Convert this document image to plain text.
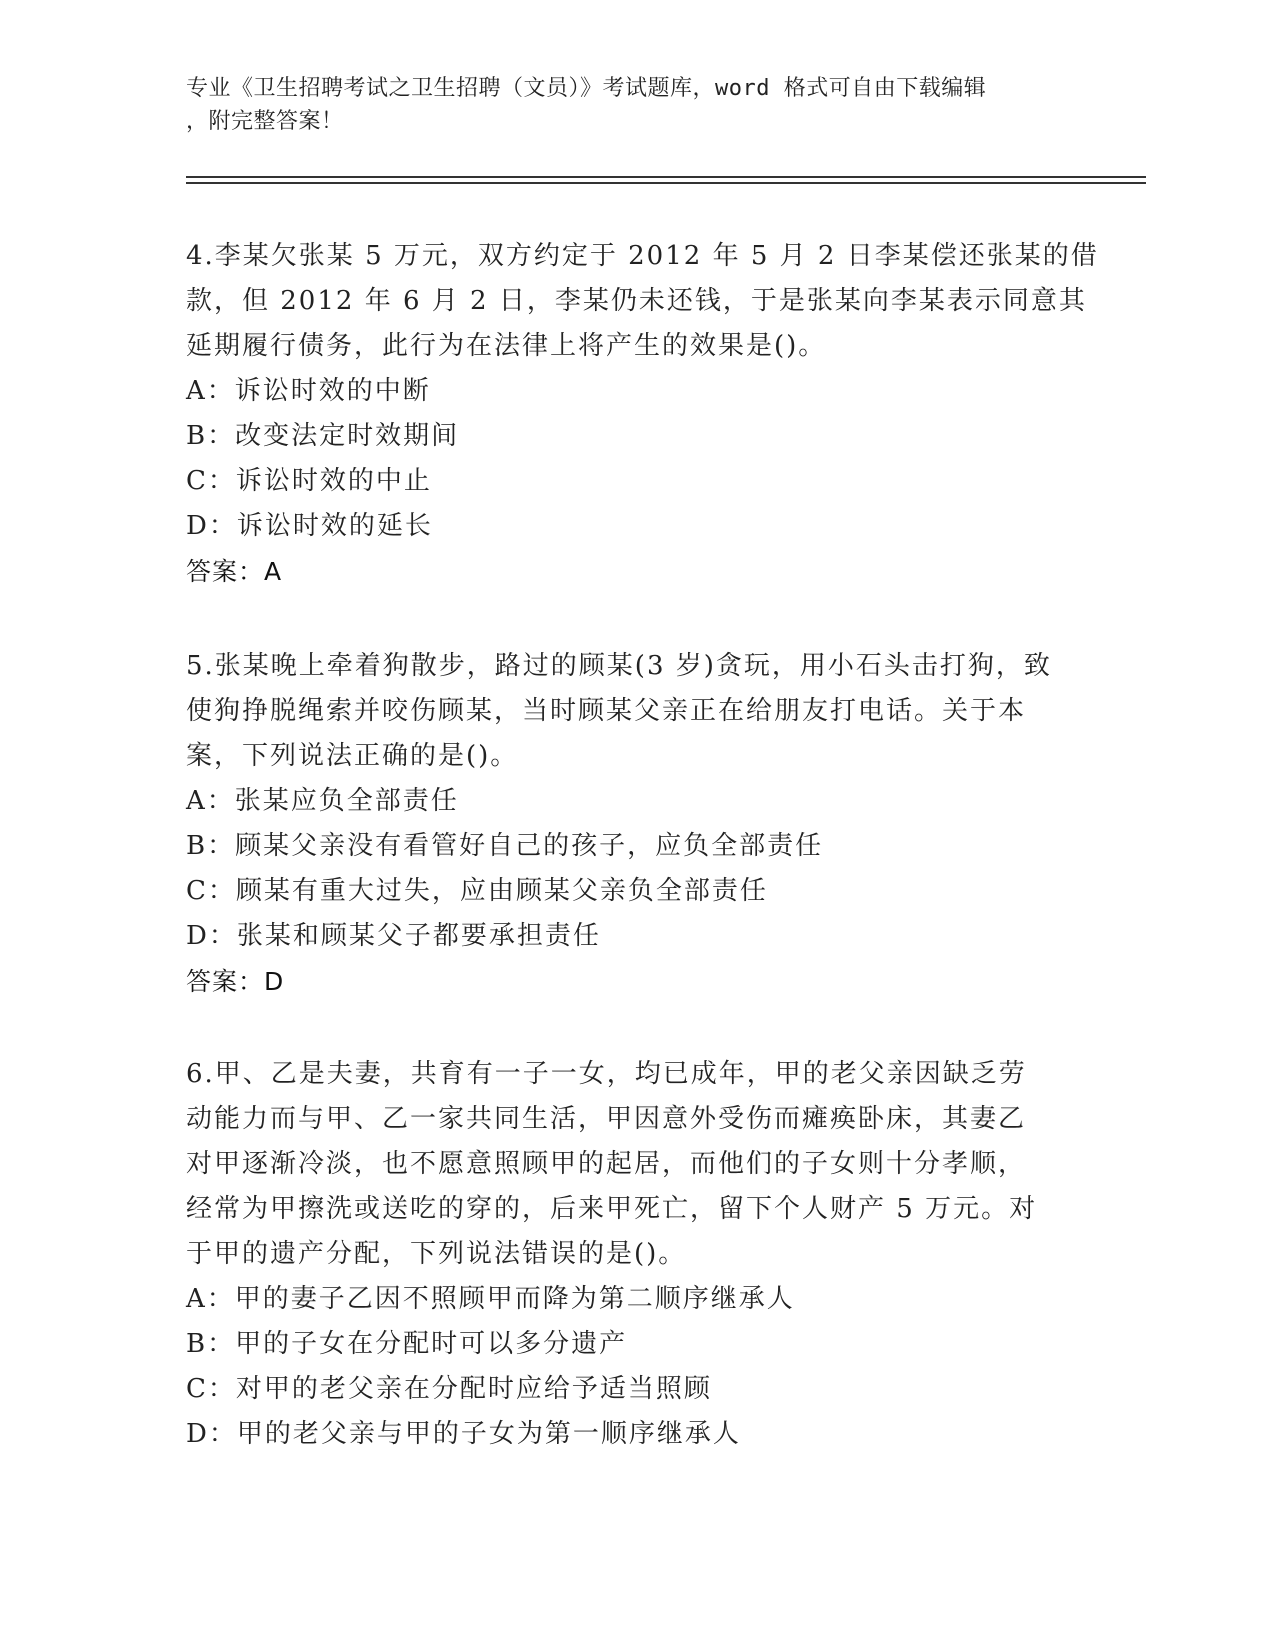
专业《卫生招聘考试之卫生招聘（文员）》考试题库，word 格式可自由下载编辑
，附完整答案！
4.李某欠张某 5 万元，双方约定于 2012 年 5 月 2 日李某偿还张某的借
款，但 2012 年 6 月 2 日，李某仍未还钱，于是张某向李某表示同意其
延期履行债务，此行为在法律上将产生的效果是()。
A：诉讼时效的中断
B：改变法定时效期间
C：诉讼时效的中止
D：诉讼时效的延长
答案：A
5.张某晚上牵着狗散步，路过的顾某(3 岁)贪玩，用小石头击打狗，致
使狗挣脱绳索并咬伤顾某，当时顾某父亲正在给朋友打电话。关于本
案，下列说法正确的是()。
A：张某应负全部责任
B：顾某父亲没有看管好自己的孩子，应负全部责任
C：顾某有重大过失，应由顾某父亲负全部责任
D：张某和顾某父子都要承担责任
答案：D
6.甲、乙是夫妻，共育有一子一女，均已成年，甲的老父亲因缺乏劳
动能力而与甲、乙一家共同生活，甲因意外受伤而瘫痪卧床，其妻乙
对甲逐渐冷淡，也不愿意照顾甲的起居，而他们的子女则十分孝顺，
经常为甲擦洗或送吃的穿的，后来甲死亡，留下个人财产 5 万元。对
于甲的遗产分配，下列说法错误的是()。
A：甲的妻子乙因不照顾甲而降为第二顺序继承人
B：甲的子女在分配时可以多分遗产
C：对甲的老父亲在分配时应给予适当照顾
D：甲的老父亲与甲的子女为第一顺序继承人
